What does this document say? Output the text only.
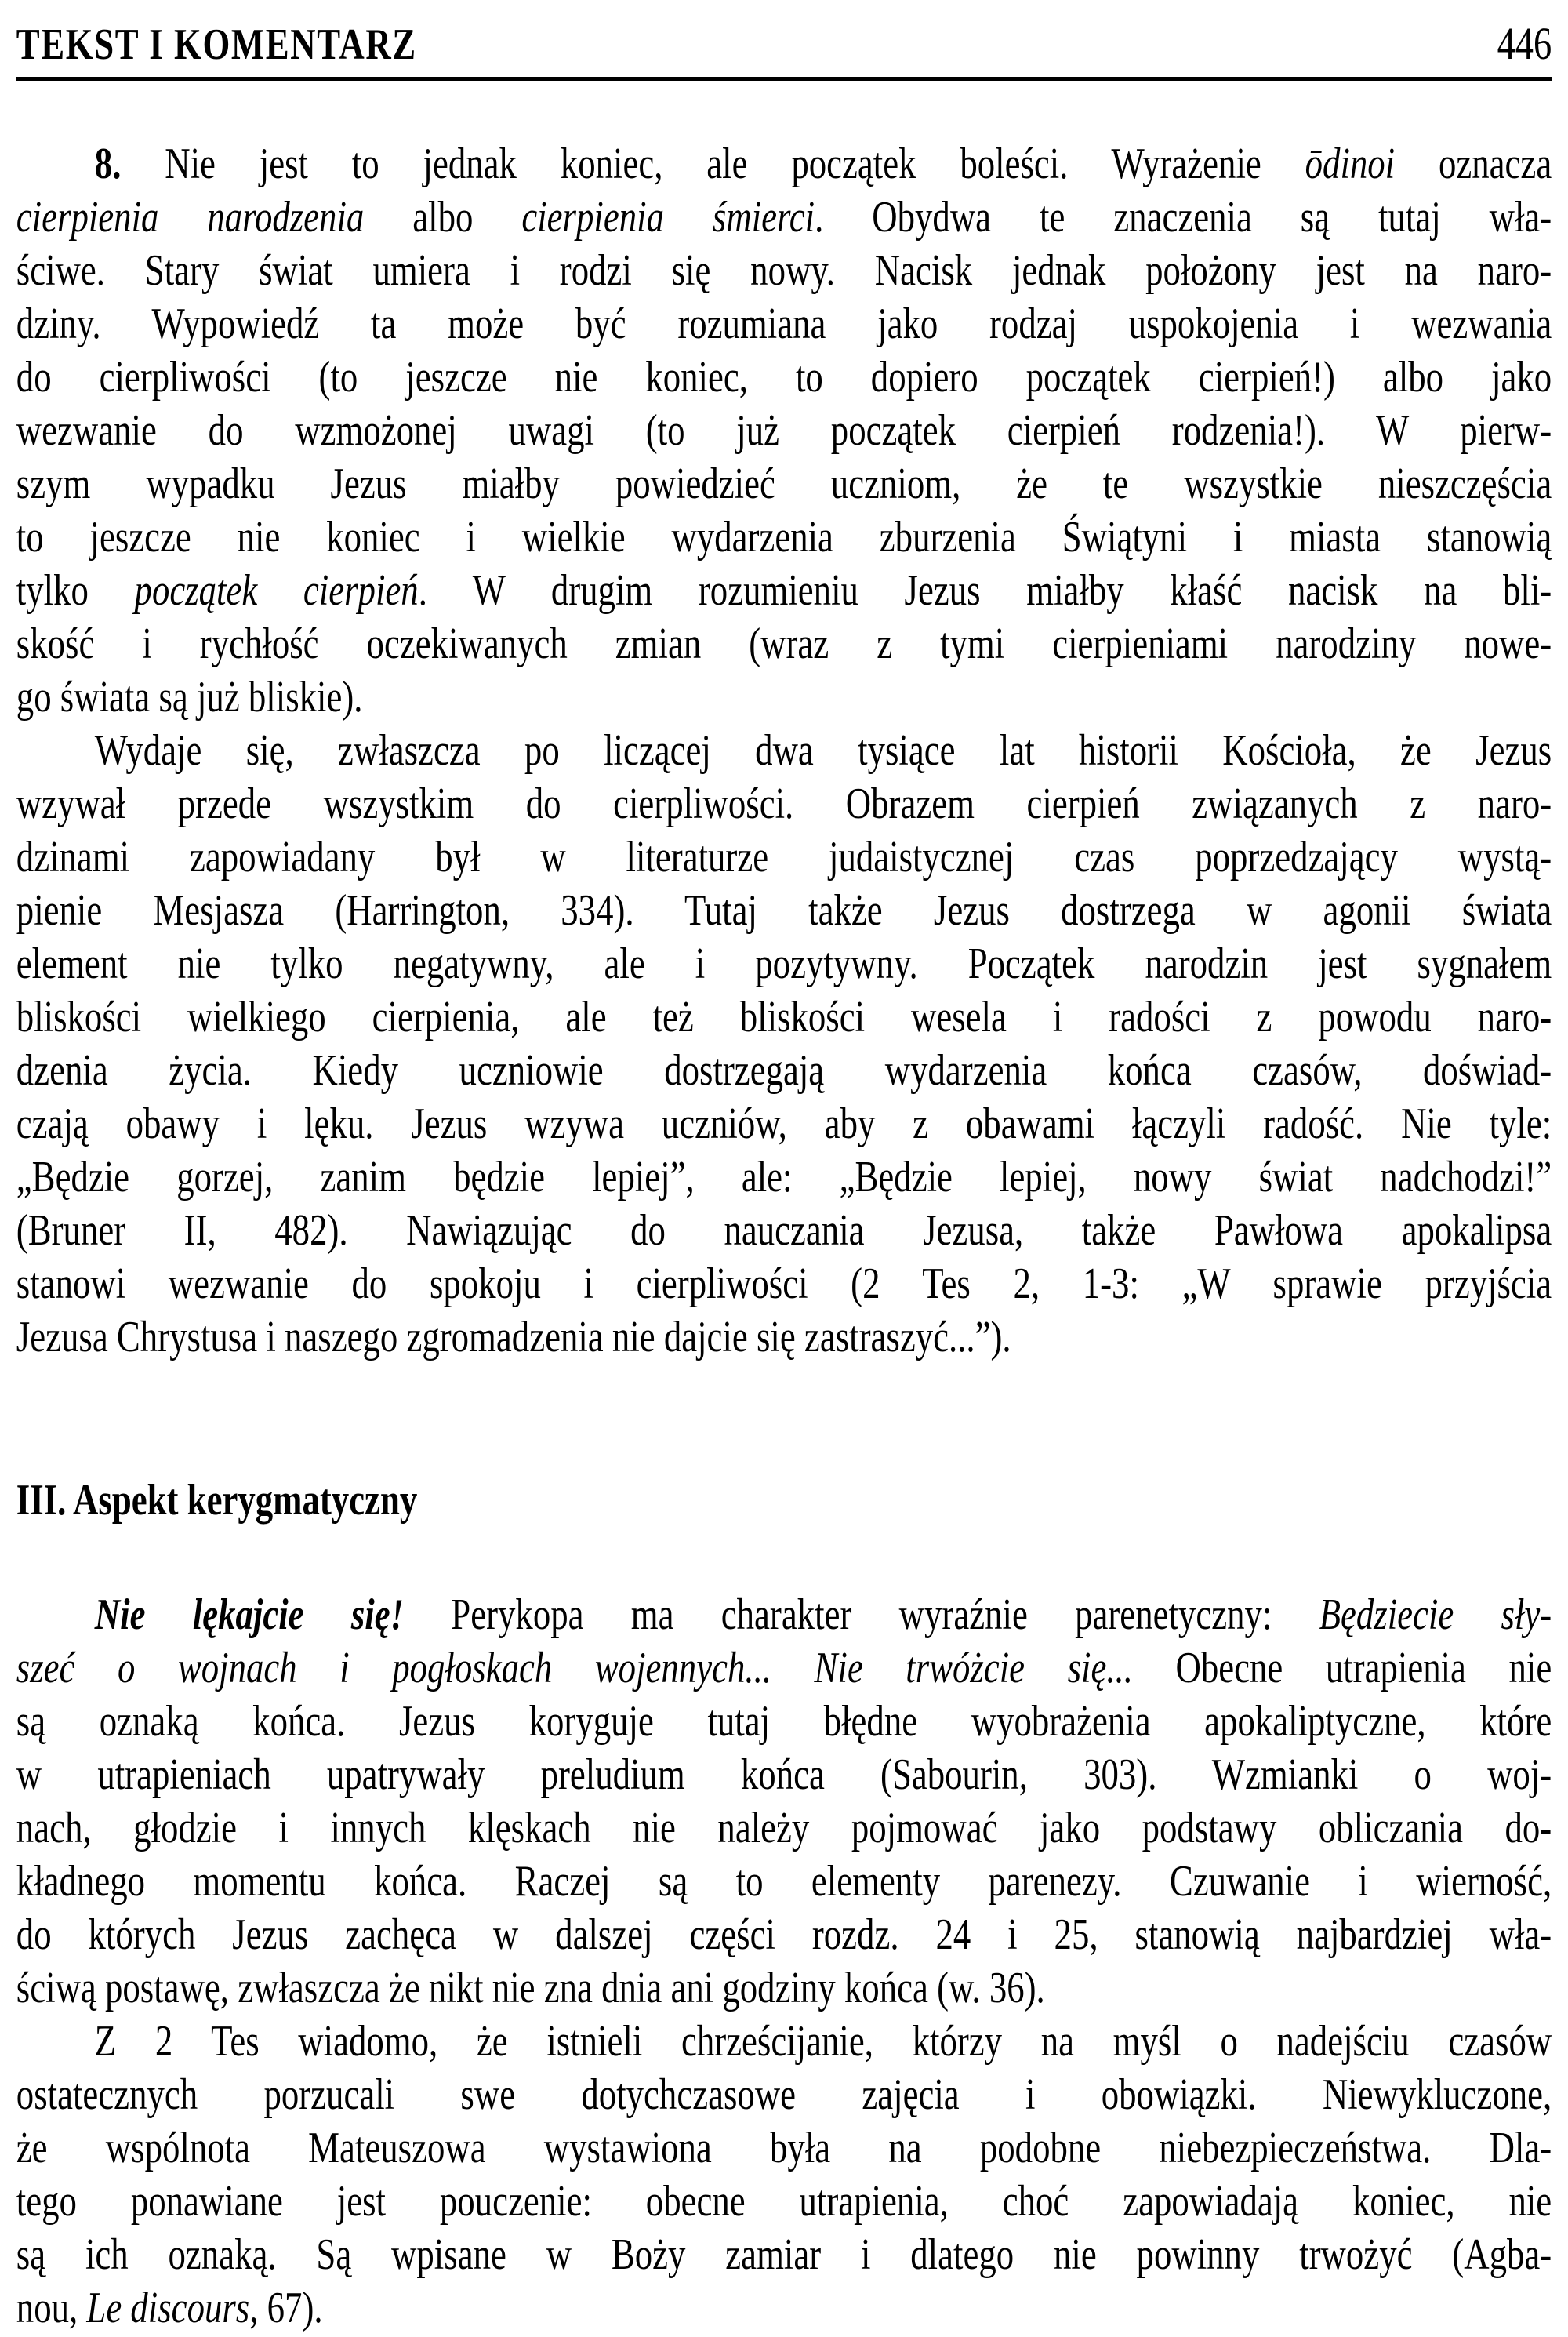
TEKST I KOMENTARZ	446
8. Nie jest to jednak koniec, ale początek boleści. Wyrażenie ōdinoi oznacza
cierpienia narodzenia albo cierpienia śmierci. Obydwa te znaczenia są tutaj wła-
ściwe. Stary świat umiera i rodzi się nowy. Nacisk jednak położony jest na naro-
dziny. Wypowiedź ta może być rozumiana jako rodzaj uspokojenia i wezwania
do cierpliwości (to jeszcze nie koniec, to dopiero początek cierpień!) albo jako
wezwanie do wzmożonej uwagi (to już początek cierpień rodzenia!). W pierw-
szym wypadku Jezus miałby powiedzieć uczniom, że te wszystkie nieszczęścia
to jeszcze nie koniec i wielkie wydarzenia zburzenia Świątyni i miasta stanowią
tylko początek cierpień. W drugim rozumieniu Jezus miałby kłaść nacisk na bli-
skość i rychłość oczekiwanych zmian (wraz z tymi cierpieniami narodziny nowe-
go świata są już bliskie).
Wydaje się, zwłaszcza po liczącej dwa tysiące lat historii Kościoła, że Jezus
wzywał przede wszystkim do cierpliwości. Obrazem cierpień związanych z naro-
dzinami zapowiadany był w literaturze judaistycznej czas poprzedzający wystą-
pienie Mesjasza (Harrington, 334). Tutaj także Jezus dostrzega w agonii świata
element nie tylko negatywny, ale i pozytywny. Początek narodzin jest sygnałem
bliskości wielkiego cierpienia, ale też bliskości wesela i radości z powodu naro-
dzenia życia. Kiedy uczniowie dostrzegają wydarzenia końca czasów, doświad-
czają obawy i lęku. Jezus wzywa uczniów, aby z obawami łączyli radość. Nie tyle:
„Będzie gorzej, zanim będzie lepiej”, ale: „Będzie lepiej, nowy świat nadchodzi!”
(Bruner II, 482). Nawiązując do nauczania Jezusa, także Pawłowa apokalipsa
stanowi wezwanie do spokoju i cierpliwości (2 Tes 2, 1-3: „W sprawie przyjścia
Jezusa Chrystusa i naszego zgromadzenia nie dajcie się zastraszyć...”).
III. Aspekt kerygmatyczny
Nie lękajcie się! Perykopa ma charakter wyraźnie parenetyczny: Będziecie sły-
szeć o wojnach i pogłoskach wojennych... Nie trwóżcie się... Obecne utrapienia nie
są oznaką końca. Jezus koryguje tutaj błędne wyobrażenia apokaliptyczne, które
w utrapieniach upatrywały preludium końca (Sabourin, 303). Wzmianki o woj-
nach, głodzie i innych klęskach nie należy pojmować jako podstawy obliczania do-
kładnego momentu końca. Raczej są to elementy parenezy. Czuwanie i wierność,
do których Jezus zachęca w dalszej części rozdz. 24 i 25, stanowią najbardziej wła-
ściwą postawę, zwłaszcza że nikt nie zna dnia ani godziny końca (w. 36).
Z 2 Tes wiadomo, że istnieli chrześcijanie, którzy na myśl o nadejściu czasów
ostatecznych porzucali swe dotychczasowe zajęcia i obowiązki. Niewykluczone,
że wspólnota Mateuszowa wystawiona była na podobne niebezpieczeństwa. Dla-
tego ponawiane jest pouczenie: obecne utrapienia, choć zapowiadają koniec, nie
są ich oznaką. Są wpisane w Boży zamiar i dlatego nie powinny trwożyć (Agba-
nou, Le discours, 67).
